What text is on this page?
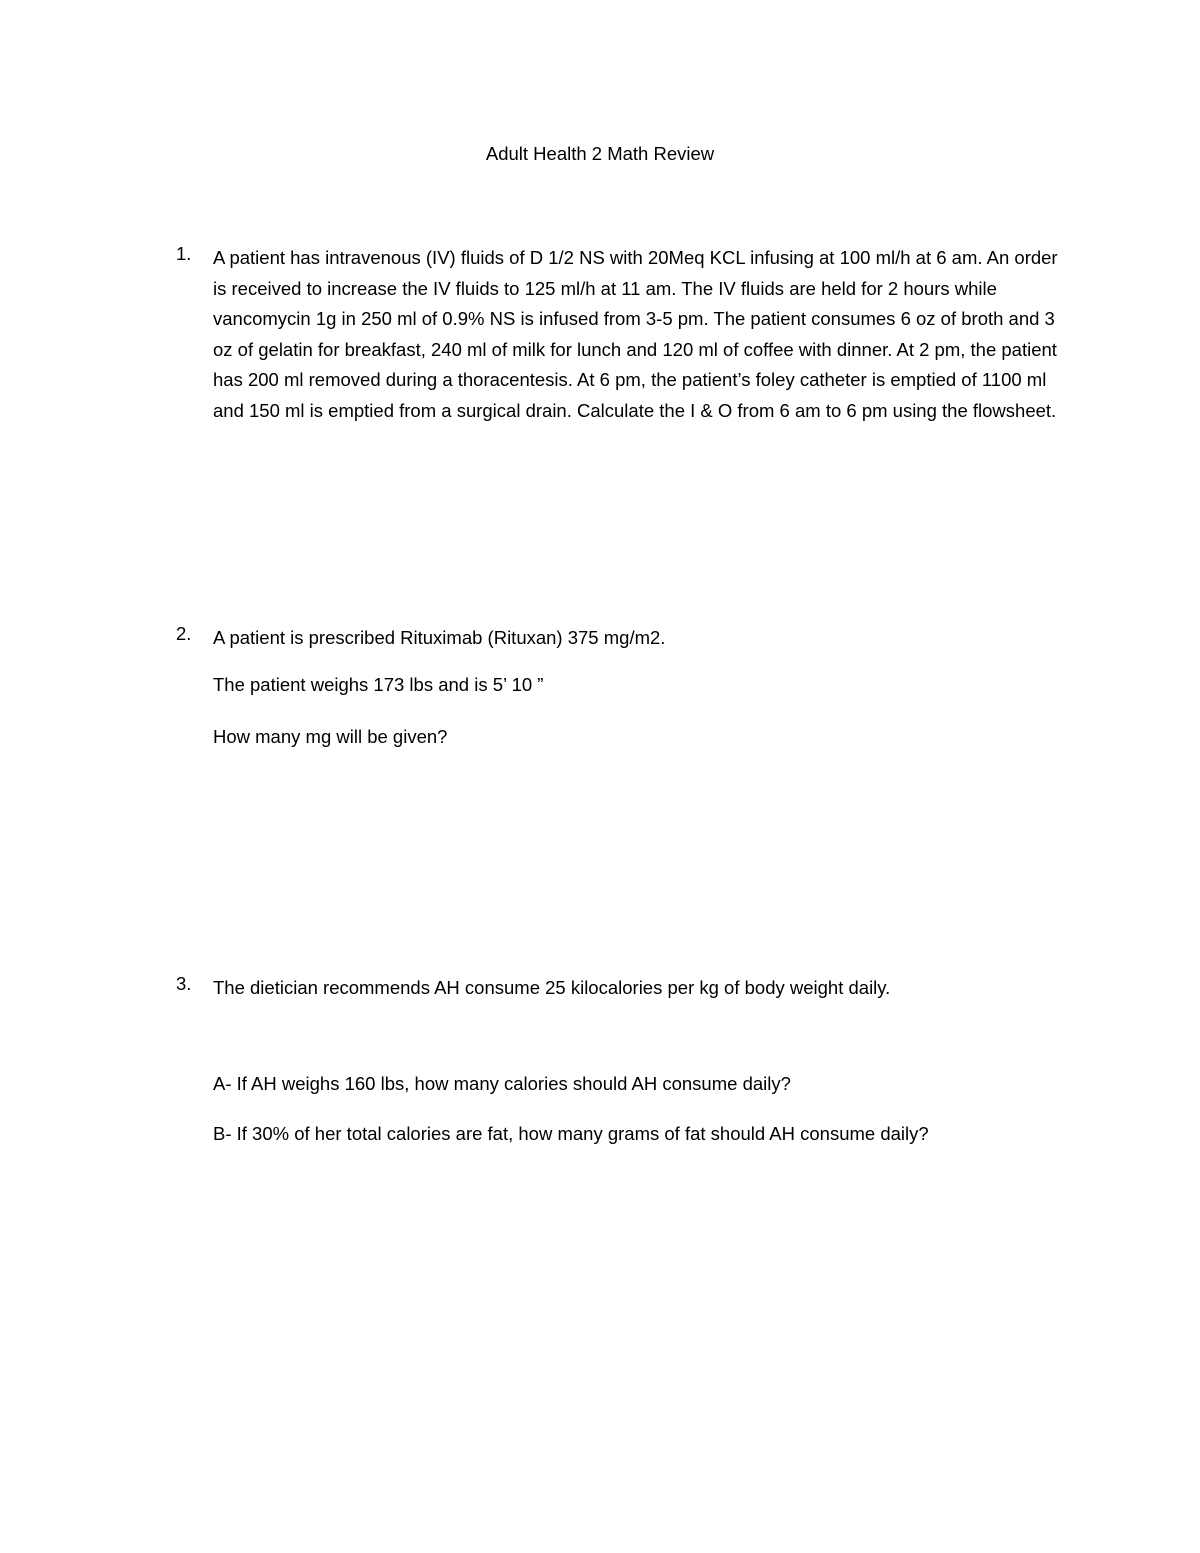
Adult Health 2 Math Review
1.	A patient has intravenous (IV) fluids of D 1/2 NS with 20Meq KCL infusing at 100 ml/h at 6 am. An order is received to increase the IV fluids to 125 ml/h at 11 am. The IV fluids are held for 2 hours while vancomycin 1g in 250 ml of 0.9% NS is infused from 3-5 pm. The patient consumes 6 oz of broth and 3 oz of gelatin for breakfast, 240 ml of milk for lunch and 120 ml of coffee with dinner. At 2 pm, the patient has 200 ml removed during a thoracentesis. At 6 pm, the patient’s foley catheter is emptied of 1100 ml and 150 ml is emptied from a surgical drain. Calculate the I & O from 6 am to 6 pm using the flowsheet.
2.	A patient is prescribed Rituximab (Rituxan) 375 mg/m2.
The patient weighs 173 lbs and is 5’ 10 ”
How many mg will be given?
3.	The dietician recommends AH consume 25 kilocalories per kg of body weight daily.
A- If AH weighs 160 lbs, how many calories should AH consume daily?
B- If 30% of her total calories are fat, how many grams of fat should AH consume daily?
